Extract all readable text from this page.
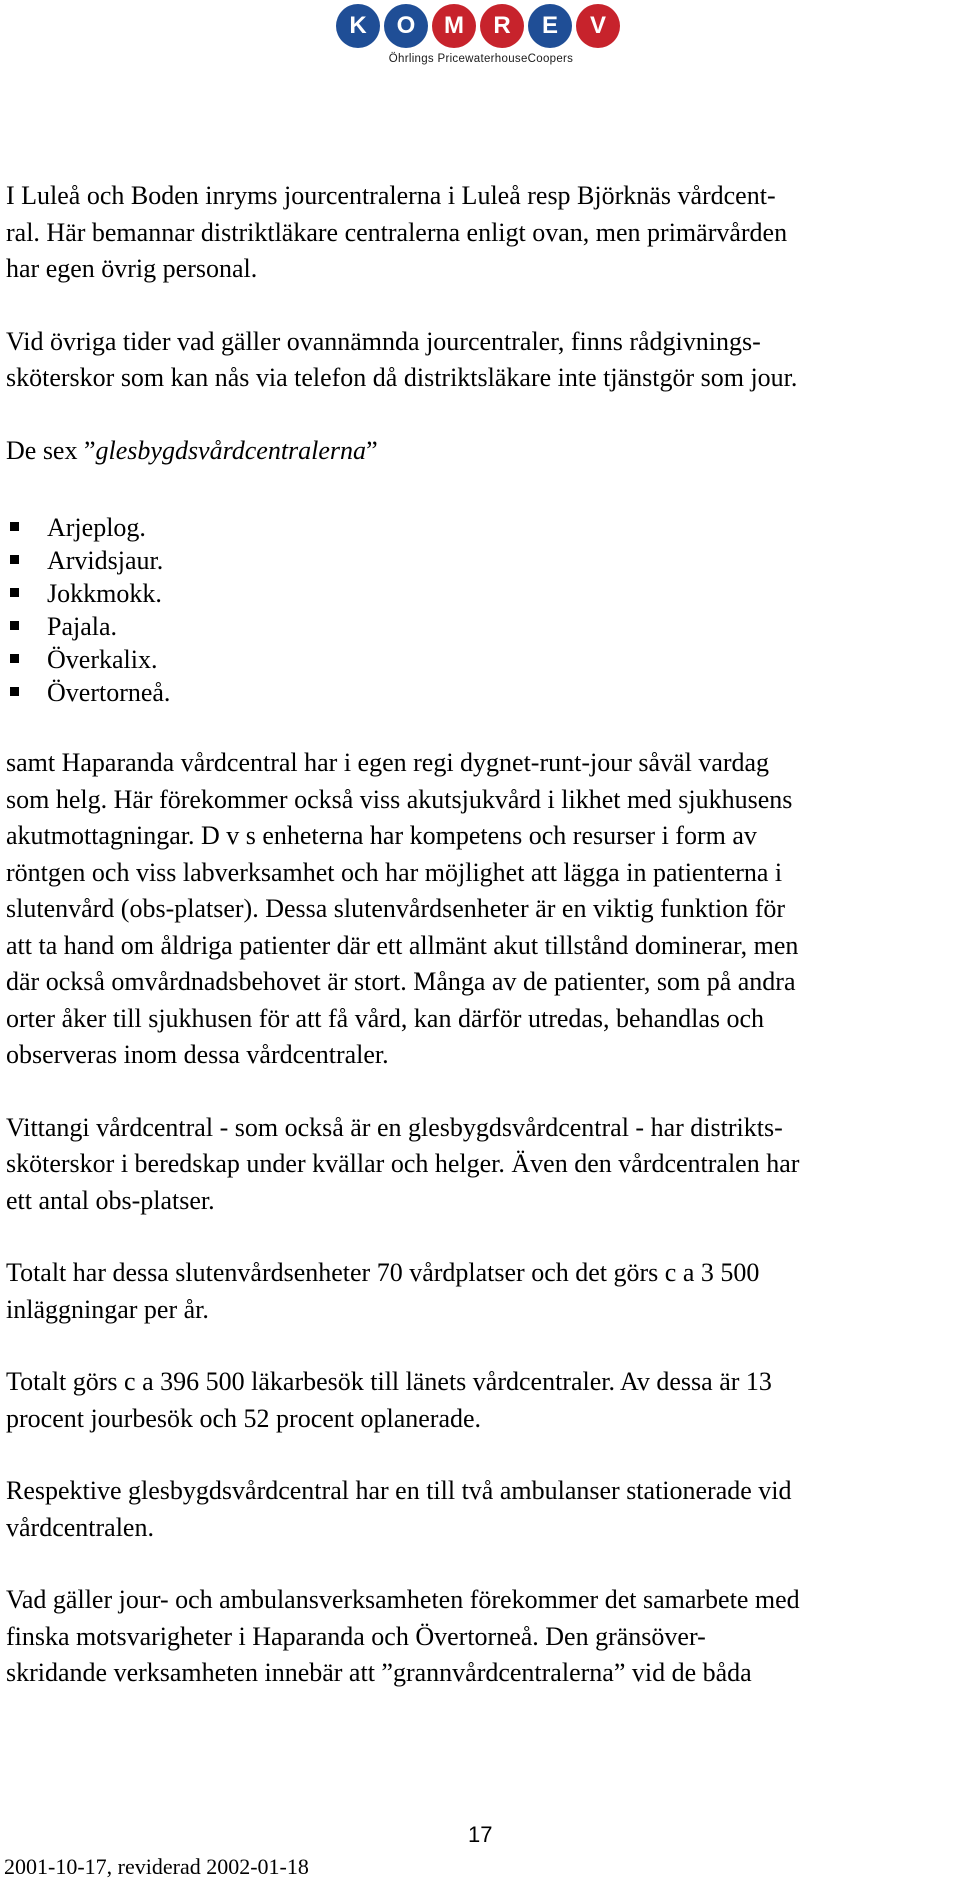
K	O	M	R	E	V
Öhrlings PricewaterhouseCoopers

I Luleå och Boden inryms jourcentralerna i Luleå resp Björknäs vårdcent-
ral. Här bemannar distriktläkare centralerna enligt ovan, men primärvården
har egen övrig personal.

Vid övriga tider vad gäller ovannämnda jourcentraler, finns rådgivnings-
sköterskor som kan nås via telefon då distriktsläkare inte tjänstgör som jour.

De sex ”glesbygdsvårdcentralerna”

Arjeplog.
Arvidsjaur.
Jokkmokk.
Pajala.
Överkalix.
Övertorneå.

samt Haparanda vårdcentral har i egen regi dygnet-runt-jour såväl vardag
som helg. Här förekommer också viss akutsjukvård i likhet med sjukhusens
akutmottagningar. D v s enheterna har kompetens och resurser i form av
röntgen och viss labverksamhet och har möjlighet att lägga in patienterna i
slutenvård (obs-platser). Dessa slutenvårdsenheter är en viktig funktion för
att ta hand om åldriga patienter där ett allmänt akut tillstånd dominerar, men
där också omvårdnadsbehovet är stort. Många av de patienter, som på andra
orter åker till sjukhusen för att få vård, kan därför utredas, behandlas och
observeras inom dessa vårdcentraler.

Vittangi vårdcentral - som också är en glesbygdsvårdcentral - har distrikts-
sköterskor i beredskap under kvällar och helger. Även den vårdcentralen har
ett antal obs-platser.

Totalt har dessa slutenvårdsenheter 70 vårdplatser och det görs c a 3 500
inläggningar per år.

Totalt görs c a 396 500 läkarbesök till länets vårdcentraler. Av dessa är 13
procent jourbesök och 52 procent oplanerade.

Respektive glesbygdsvårdcentral har en till två ambulanser stationerade vid
vårdcentralen.

Vad gäller jour- och ambulansverksamheten förekommer det samarbete med
finska motsvarigheter i Haparanda och Övertorneå. Den gränsöver-
skridande verksamheten innebär att ”grannvårdcentralerna” vid de båda

17
2001-10-17, reviderad 2002-01-18
